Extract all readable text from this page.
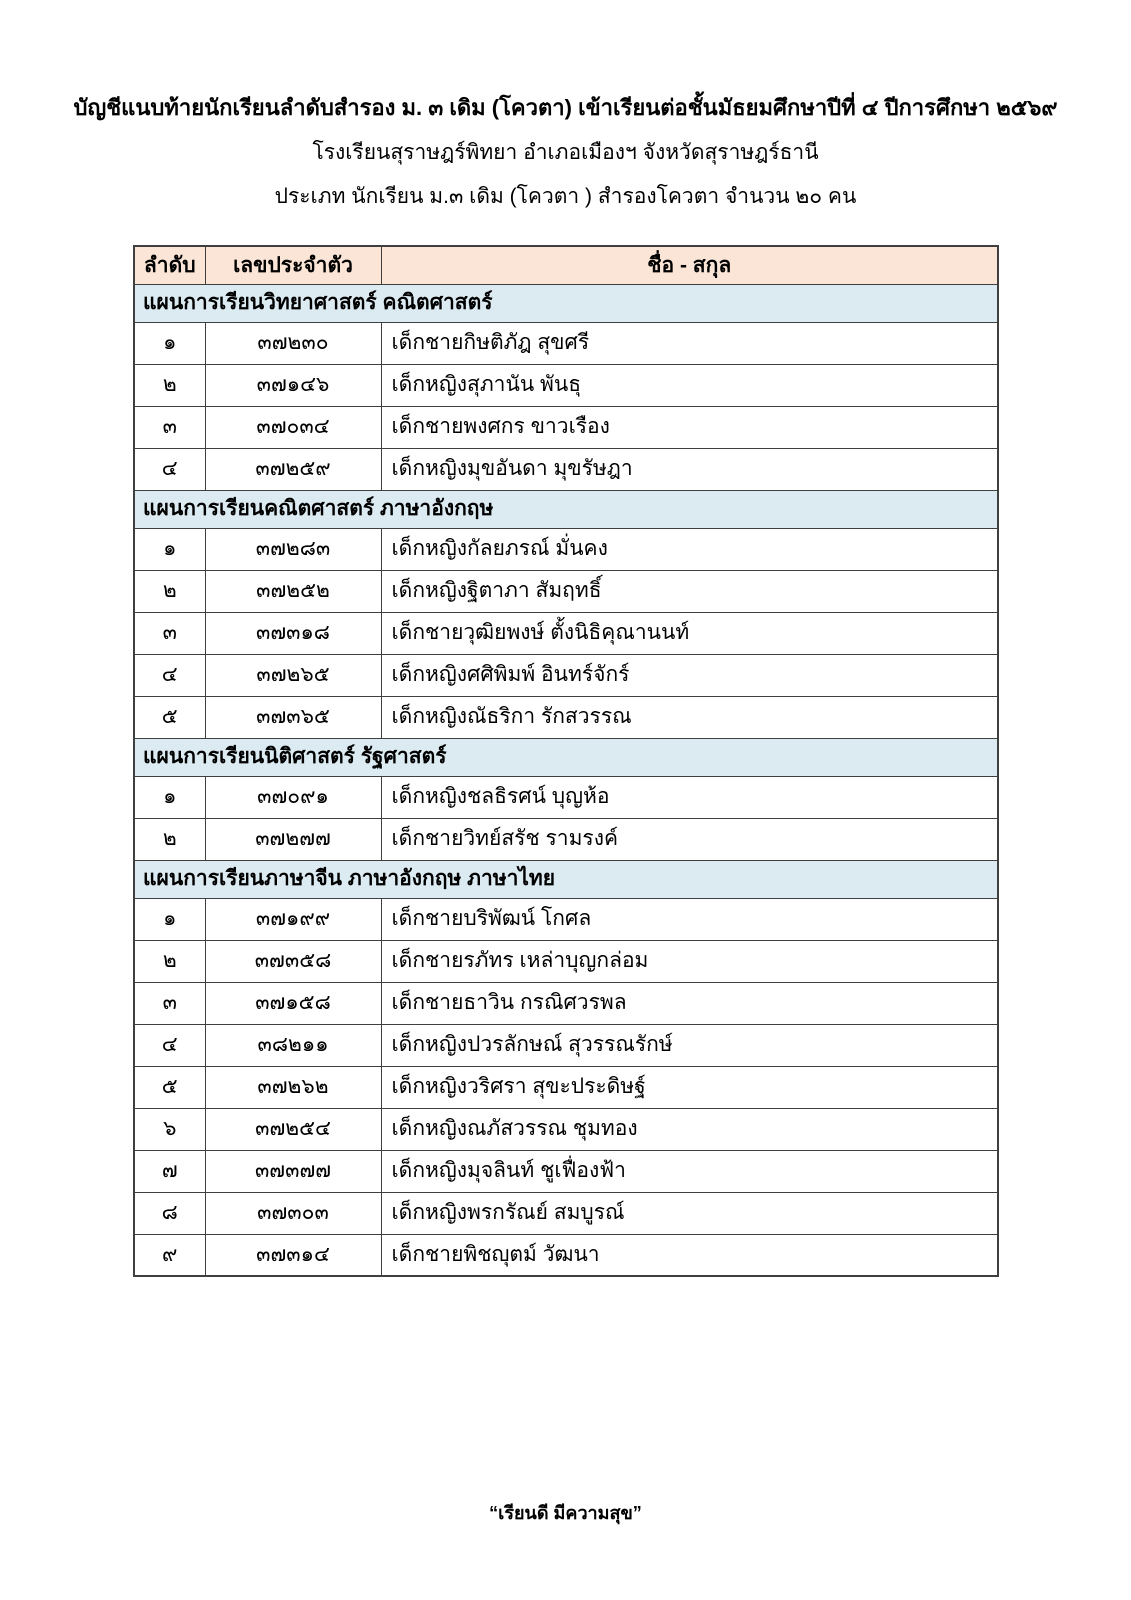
บัญชีแนบท้ายนักเรียนลำดับสำรอง ม. ๓ เดิม (โควตา) เข้าเรียนต่อชั้นมัธยมศึกษาปีที่ ๔ ปีการศึกษา ๒๕๖๙
โรงเรียนสุราษฎร์พิทยา อำเภอเมืองฯ จังหวัดสุราษฎร์ธานี
ประเภท นักเรียน ม.๓ เดิม (โควตา ) สำรองโควตา จำนวน ๒๐ คน
ลำดับ	เลขประจำตัว	ชื่อ - สกุล
แผนการเรียนวิทยาศาสตร์ คณิตศาสตร์		
๑	๓๗๒๓๐	เด็กชายกิษติภัฎ สุขศรี
๒	๓๗๑๔๖	เด็กหญิงสุภานัน พันธุ
๓	๓๗๐๓๔	เด็กชายพงศกร ขาวเรือง
๔	๓๗๒๕๙	เด็กหญิงมุขอันดา มุขรัษฎา
แผนการเรียนคณิตศาสตร์ ภาษาอังกฤษ		
๑	๓๗๒๘๓	เด็กหญิงกัลยภรณ์ มั่นคง
๒	๓๗๒๕๒	เด็กหญิงฐิตาภา สัมฤทธิ์
๓	๓๗๓๑๘	เด็กชายวุฒิยพงษ์ ตั้งนิธิคุณานนท์
๔	๓๗๒๖๕	เด็กหญิงศศิพิมพ์ อินทร์จักร์
๕	๓๗๓๖๕	เด็กหญิงณัธริกา รักสวรรณ
แผนการเรียนนิติศาสตร์ รัฐศาสตร์		
๑	๓๗๐๙๑	เด็กหญิงชลธิรศน์ บุญห้อ
๒	๓๗๒๗๗	เด็กชายวิทย์สรัช รามรงค์
แผนการเรียนภาษาจีน ภาษาอังกฤษ ภาษาไทย		
๑	๓๗๑๙๙	เด็กชายบริพัฒน์ โกศล
๒	๓๗๓๕๘	เด็กชายรภัทร เหล่าบุญกล่อม
๓	๓๗๑๕๘	เด็กชายธาวิน กรณิศวรพล
๔	๓๘๒๑๑	เด็กหญิงปวรลักษณ์ สุวรรณรักษ์
๕	๓๗๒๖๒	เด็กหญิงวริศรา สุขะประดิษฐ์
๖	๓๗๒๕๔	เด็กหญิงณภัสวรรณ ชุมทอง
๗	๓๗๓๗๗	เด็กหญิงมุจลินท์ ชูเฟื่องฟ้า
๘	๓๗๓๐๓	เด็กหญิงพรกรัณย์ สมบูรณ์
๙	๓๗๓๑๔	เด็กชายพิชญุตม์ วัฒนา
“เรียนดี มีความสุข”
